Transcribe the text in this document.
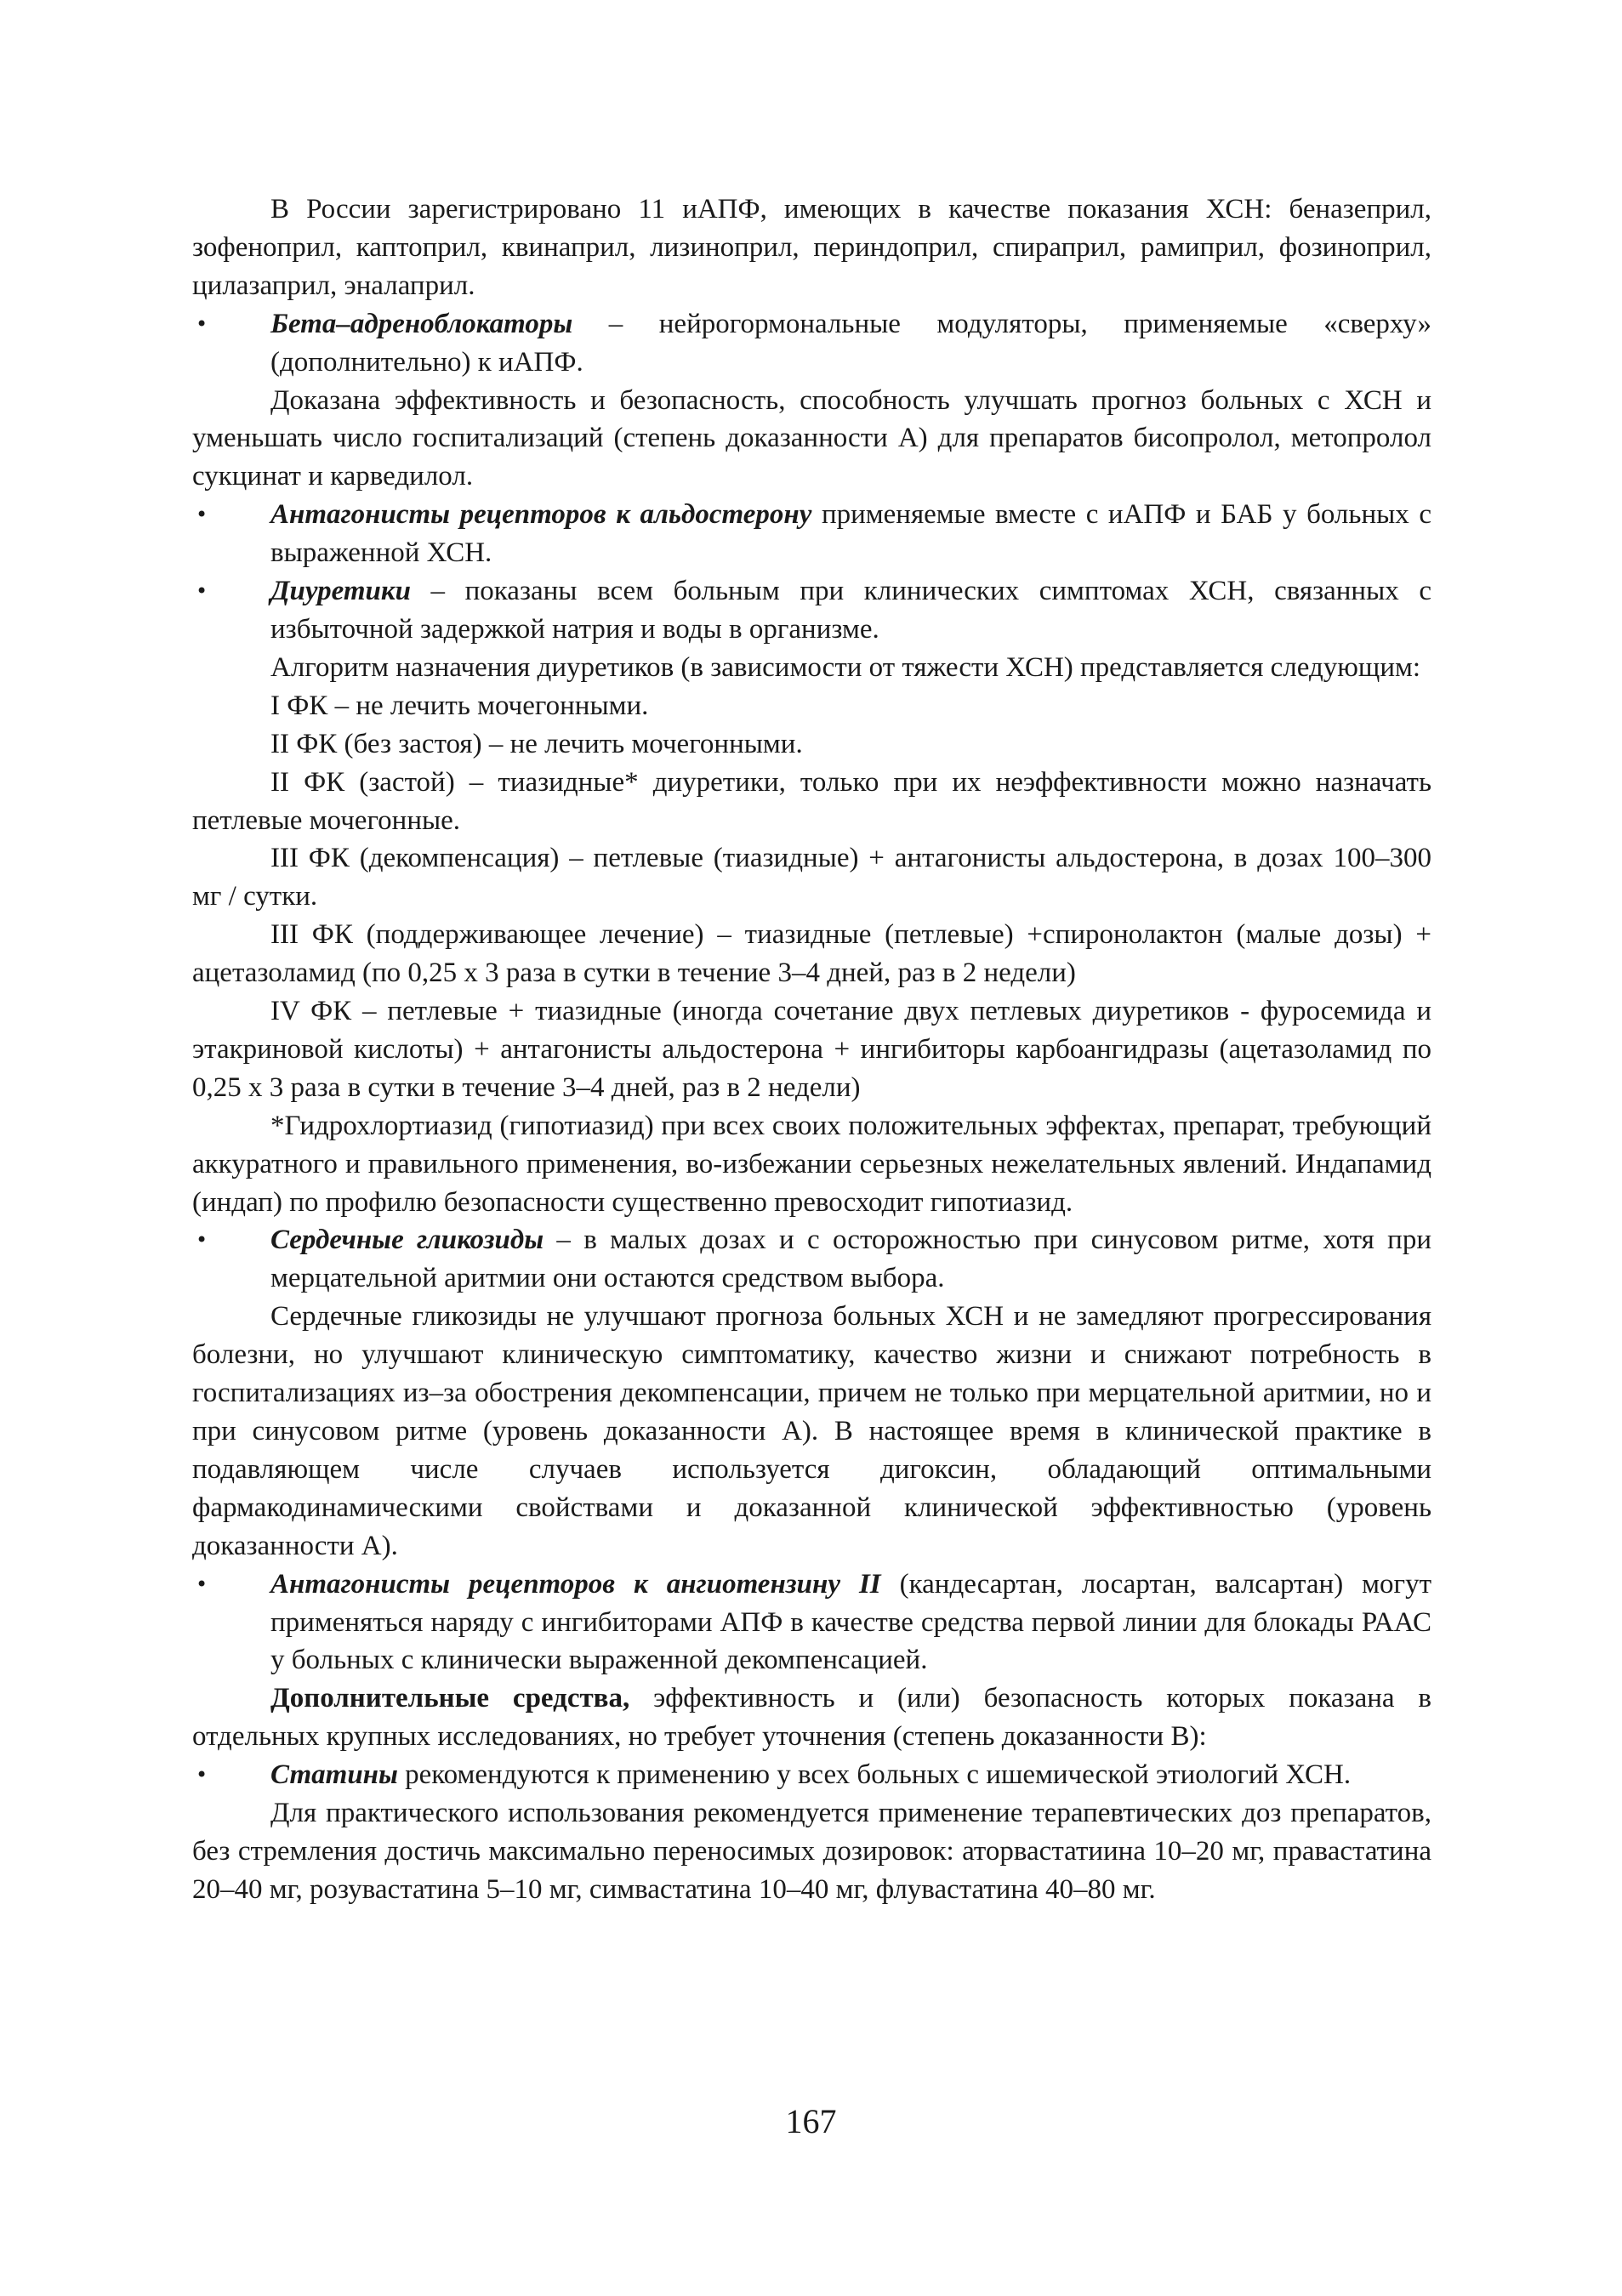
В России зарегистрировано 11 иАПФ, имеющих в качестве показания ХСН: беназеприл, зофеноприл, каптоприл, квинаприл, лизиноприл, периндоприл, спираприл, рамиприл, фозиноприл, цилазаприл, эналаприл.

• Бета–адреноблокаторы – нейрогормональные модуляторы, применяемые «сверху» (дополнительно) к иАПФ.

Доказана эффективность и безопасность, способность улучшать прогноз больных с ХСН и уменьшать число госпитализаций (степень доказанности А) для препаратов бисопролол, метопролол сукцинат и карведилол.

• Антагонисты рецепторов к альдостерону применяемые вместе с иАПФ и БАБ у больных с выраженной ХСН.

• Диуретики – показаны всем больным при клинических симптомах ХСН, связанных с избыточной задержкой натрия и воды в организме.

Алгоритм назначения диуретиков (в зависимости от тяжести ХСН) представляется следующим:

I ФК – не лечить мочегонными.

II ФК (без застоя) – не лечить мочегонными.

II ФК (застой) – тиазидные* диуретики, только при их неэффективности можно назначать петлевые мочегонные.

III ФК (декомпенсация) – петлевые (тиазидные) + антагонисты альдостерона, в дозах 100–300 мг / сутки.

III ФК (поддерживающее лечение) – тиазидные (петлевые) +спиронолактон (малые дозы) + ацетазоламид (по 0,25 х 3 раза в сутки в течение 3–4 дней, раз в 2 недели)

IV ФК – петлевые + тиазидные (иногда сочетание двух петлевых диуретиков - фуросемида и этакриновой кислоты) + антагонисты альдостерона + ингибиторы карбоангидразы (ацетазоламид по 0,25 х 3 раза в сутки в течение 3–4 дней, раз в 2 недели)

*Гидрохлортиазид (гипотиазид) при всех своих положительных эффектах, препарат, требующий аккуратного и правильного применения, во-избежании серьезных нежелательных явлений. Индапамид (индап) по профилю безопасности существенно превосходит гипотиазид.

• Сердечные гликозиды – в малых дозах и с осторожностью при синусовом ритме, хотя при мерцательной аритмии они остаются средством выбора.

Сердечные гликозиды не улучшают прогноза больных ХСН и не замедляют прогрессирования болезни, но улучшают клиническую симптоматику, качество жизни и снижают потребность в госпитализациях из–за обострения декомпенсации, причем не только при мерцательной аритмии, но и при синусовом ритме (уровень доказанности А). В настоящее время в клинической практике в подавляющем числе случаев используется дигоксин, обладающий оптимальными фармакодинамическими свойствами и доказанной клинической эффективностью (уровень доказанности А).

• Антагонисты рецепторов к ангиотензину II (кандесартан, лосартан, валсартан) могут применяться наряду с ингибиторами АПФ в качестве средства первой линии для блокады РААС у больных с клинически выраженной декомпенсацией.

Дополнительные средства, эффективность и (или) безопасность которых показана в отдельных крупных исследованиях, но требует уточнения (степень доказанности В):

• Статины рекомендуются к применению у всех больных с ишемической этиологий ХСН.

Для практического использования рекомендуется применение терапевтических доз препаратов, без стремления достичь максимально переносимых дозировок: аторвастатиина 10–20 мг, правастатина 20–40 мг, розувастатина 5–10 мг, симвастатина 10–40 мг, флувастатина 40–80 мг.

167
